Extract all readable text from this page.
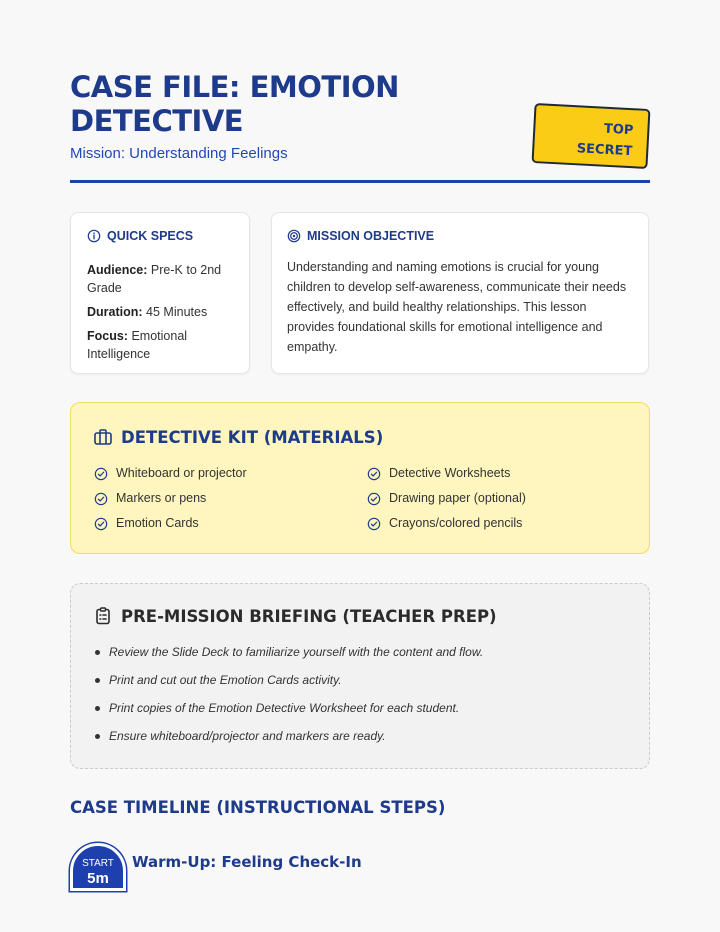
CASE FILE: EMOTION DETECTIVE
Mission: Understanding Feelings
TOP
SECRET
QUICK SPECS

Audience: Pre-K to 2nd Grade

Duration: 45 Minutes

Focus: Emotional Intelligence

MISSION OBJECTIVE

Understanding and naming emotions is crucial for young children to develop self-awareness, communicate their needs effectively, and build healthy relationships. This lesson provides foundational skills for emotional intelligence and empathy.

DETECTIVE KIT (MATERIALS)
Whiteboard or projector	Detective Worksheets
Markers or pens	Drawing paper (optional)
Emotion Cards	Crayons/colored pencils
PRE-MISSION BRIEFING (TEACHER PREP)
Review the Slide Deck to familiarize yourself with the content and flow.
Print and cut out the Emotion Cards activity.
Print copies of the Emotion Detective Worksheet for each student.
Ensure whiteboard/projector and markers are ready.
CASE TIMELINE (INSTRUCTIONAL STEPS)
START
5m
Warm-Up: Feeling Check-In
